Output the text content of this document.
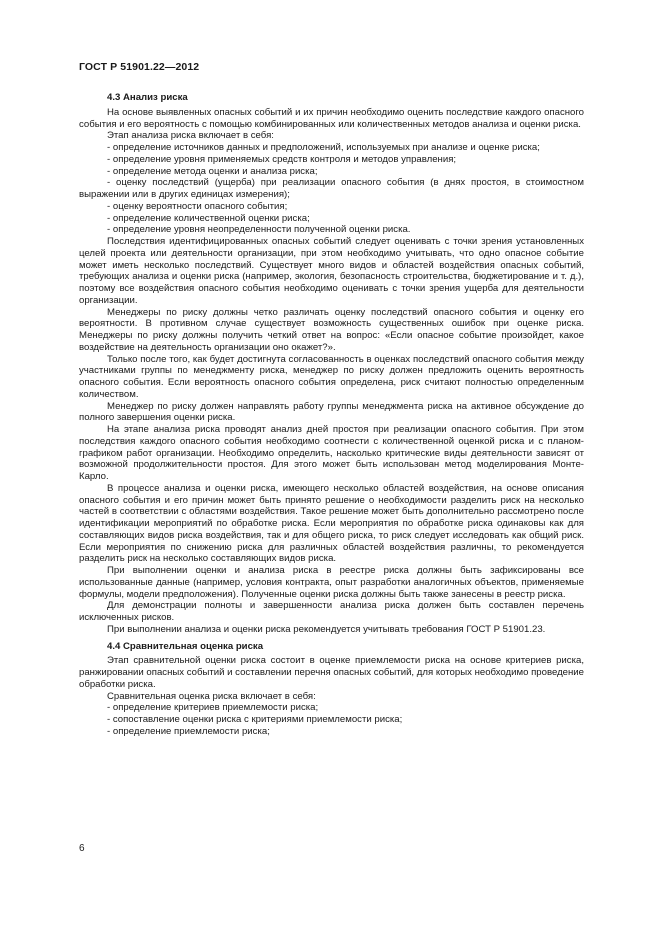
ГОСТ Р 51901.22—2012
4.3 Анализ риска

На основе выявленных опасных событий и их причин необходимо оценить последствие каждого опасного события и его вероятность с помощью комбинированных или количественных методов анализа и оценки риска.

Этап анализа риска включает в себя:

- определение источников данных и предположений, используемых при анализе и оценке риска;

- определение уровня применяемых средств контроля и методов управления;

- определение метода оценки и анализа риска;

- оценку последствий (ущерба) при реализации опасного события (в днях простоя, в стоимостном выражении или в других единицах измерения);

- оценку вероятности опасного события;

- определение количественной оценки риска;

- определение уровня неопределенности полученной оценки риска.

Последствия идентифицированных опасных событий следует оценивать с точки зрения установленных целей проекта или деятельности организации, при этом необходимо учитывать, что одно опасное событие может иметь несколько последствий. Существует много видов и областей воздействия опасных событий, требующих анализа и оценки риска (например, экология, безопасность строительства, бюджетирование и т. д.), поэтому все воздействия опасного события необходимо оценивать с точки зрения ущерба для деятельности организации.

Менеджеры по риску должны четко различать оценку последствий опасного события и оценку его вероятности. В противном случае существует возможность существенных ошибок при оценке риска. Менеджеры по риску должны получить четкий ответ на вопрос: «Если опасное событие произойдет, какое воздействие на деятельность организации оно окажет?».

Только после того, как будет достигнута согласованность в оценках последствий опасного события между участниками группы по менеджменту риска, менеджер по риску должен предложить оценить вероятность опасного события. Если вероятность опасного события определена, риск считают полностью определенным количеством.

Менеджер по риску должен направлять работу группы менеджмента риска на активное обсуждение до полного завершения оценки риска.

На этапе анализа риска проводят анализ дней простоя при реализации опасного события. При этом последствия каждого опасного события необходимо соотнести с количественной оценкой риска и с планом-графиком работ организации. Необходимо определить, насколько критические виды деятельности зависят от возможной продолжительности простоя. Для этого может быть использован метод моделирования Монте-Карло.

В процессе анализа и оценки риска, имеющего несколько областей воздействия, на основе описания опасного события и его причин может быть принято решение о необходимости разделить риск на несколько частей в соответствии с областями воздействия. Такое решение может быть дополнительно рассмотрено после идентификации мероприятий по обработке риска. Если мероприятия по обработке риска одинаковы как для составляющих видов риска воздействия, так и для общего риска, то риск следует исследовать как общий риск. Если мероприятия по снижению риска для различных областей воздействия различны, то рекомендуется разделить риск на несколько составляющих видов риска.

При выполнении оценки и анализа риска в реестре риска должны быть зафиксированы все использованные данные (например, условия контракта, опыт разработки аналогичных объектов, применяемые формулы, модели предположения). Полученные оценки риска должны быть также занесены в реестр риска.

Для демонстрации полноты и завершенности анализа риска должен быть составлен перечень исключенных рисков.

При выполнении анализа и оценки риска рекомендуется учитывать требования ГОСТ Р 51901.23.

4.4 Сравнительная оценка риска

Этап сравнительной оценки риска состоит в оценке приемлемости риска на основе критериев риска, ранжировании опасных событий и составлении перечня опасных событий, для которых необходимо проведение обработки риска.

Сравнительная оценка риска включает в себя:

- определение критериев приемлемости риска;

- сопоставление оценки риска с критериями приемлемости риска;

- определение приемлемости риска;

6
